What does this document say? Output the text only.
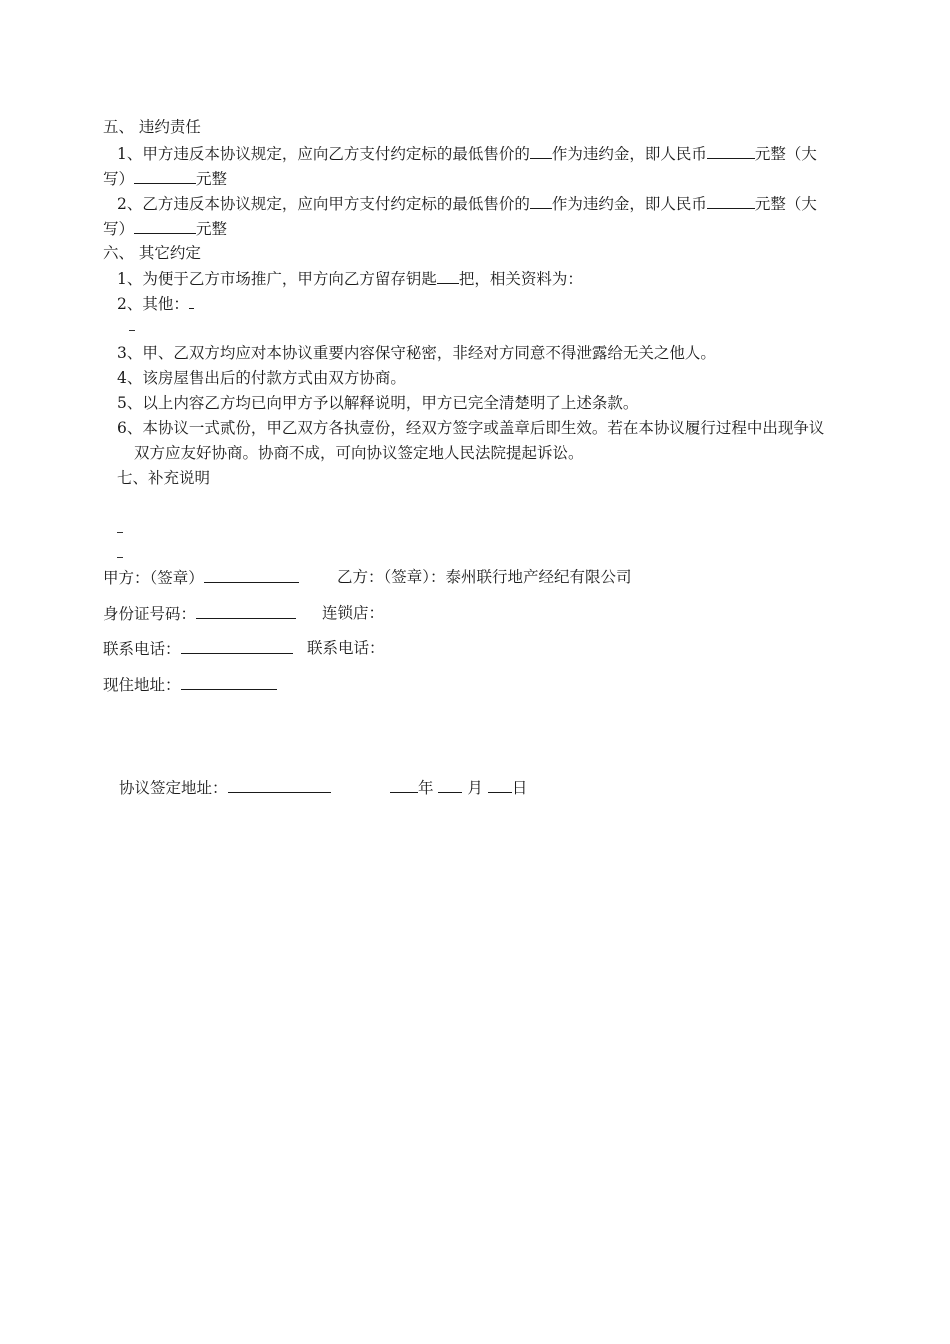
五、 违约责任
1、甲方违反本协议规定，应向乙方支付约定标的最低售价的 作为违约金，即人民币	元整（大
写）	元整
2、乙方违反本协议规定，应向甲方支付约定标的最低售价的 作为违约金，即人民币	元整（大
写）	元整
六、 其它约定
1、为便于乙方市场推广，甲方向乙方留存钥匙 把，相关资料为：
2、其他：
3、甲、乙双方均应对本协议重要内容保守秘密，非经对方同意不得泄露给无关之他人。
4、该房屋售出后的付款方式由双方协商。
5、以上内容乙方均已向甲方予以解释说明，甲方已完全清楚明了上述条款。
6、本协议一式贰份，甲乙双方各执壹份，经双方签字或盖章后即生效。若在本协议履行过程中出现争议
双方应友好协商。协商不成，可向协议签定地人民法院提起诉讼。
七、补充说明
甲方：（签章）	乙方：（签章）：泰州联行地产经纪有限公司
身份证号码：	连锁店：
联系电话：	联系电话：
现住地址：
协议签定地址：	年 月 日
